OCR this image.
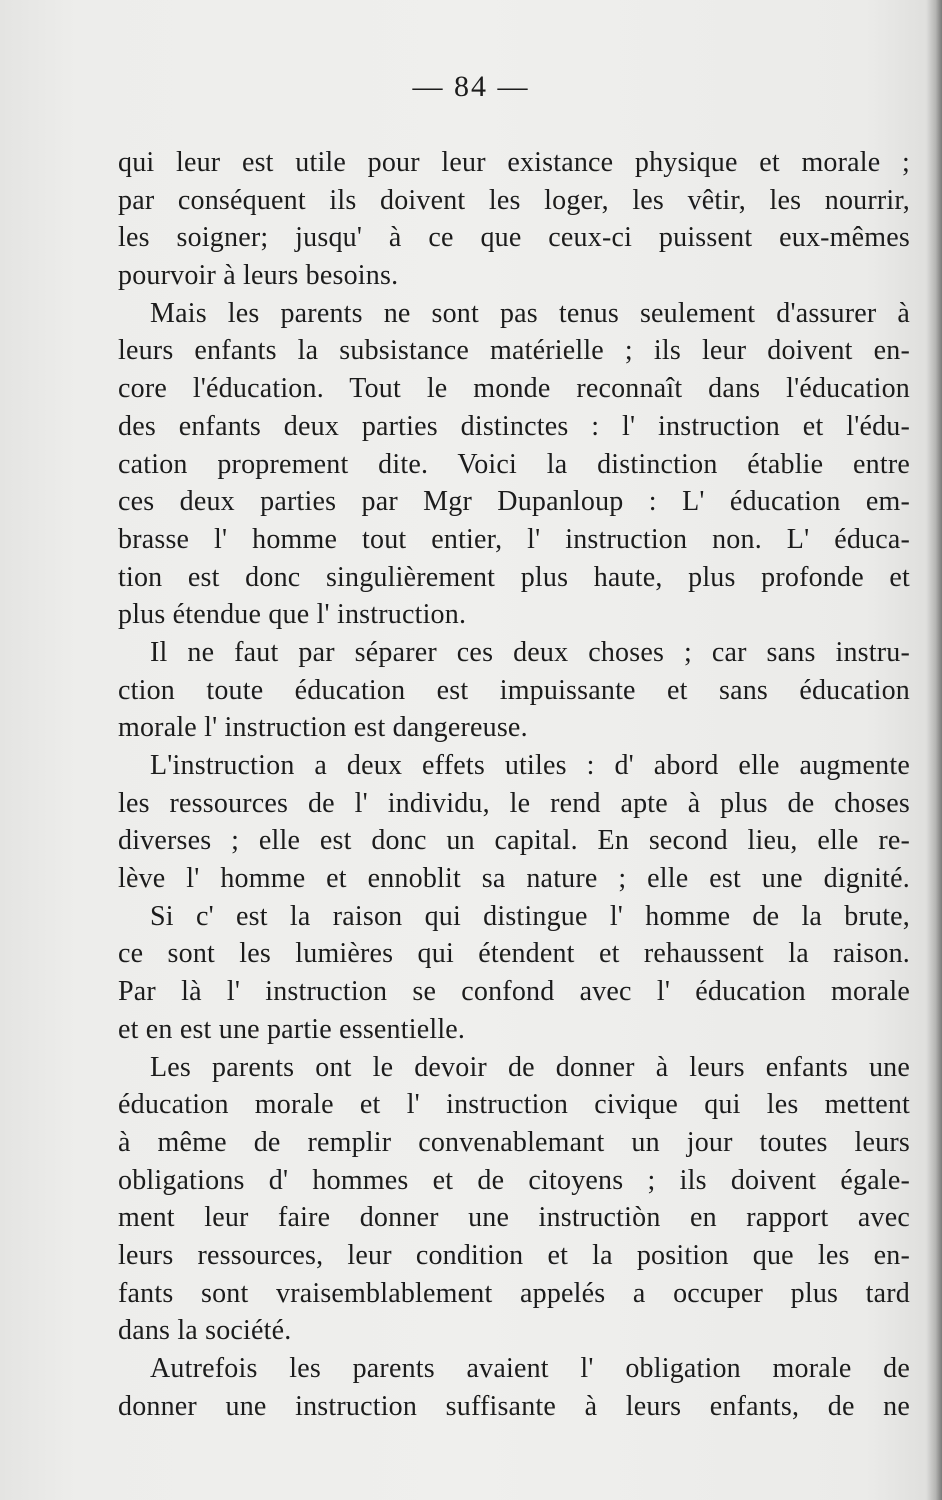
— 84 —
qui leur est utile pour leur existance physique et morale ;
par conséquent ils doivent les loger, les vêtir, les nourrir,
les soigner; jusqu' à ce que ceux-ci puissent eux-mêmes
pourvoir à leurs besoins.
Mais les parents ne sont pas tenus seulement d'assurer à
leurs enfants la subsistance matérielle ; ils leur doivent en-
core l'éducation. Tout le monde reconnaît dans l'éducation
des enfants deux parties distinctes : l' instruction et l'édu-
cation proprement dite. Voici la distinction établie entre
ces deux parties par Mgr Dupanloup : L' éducation em-
brasse l' homme tout entier, l' instruction non. L' éduca-
tion est donc singulièrement plus haute, plus profonde et
plus étendue que l' instruction.
Il ne faut par séparer ces deux choses ; car sans instru-
ction toute éducation est impuissante et sans éducation
morale l' instruction est dangereuse.
L'instruction a deux effets utiles : d' abord elle augmente
les ressources de l' individu, le rend apte à plus de choses
diverses ; elle est donc un capital. En second lieu, elle re-
lève l' homme et ennoblit sa nature ; elle est une dignité.
Si c' est la raison qui distingue l' homme de la brute,
ce sont les lumières qui étendent et rehaussent la raison.
Par là l' instruction se confond avec l' éducation morale
et en est une partie essentielle.
Les parents ont le devoir de donner à leurs enfants une
éducation morale et l' instruction civique qui les mettent
à même de remplir convenablemant un jour toutes leurs
obligations d' hommes et de citoyens ; ils doivent égale-
ment leur faire donner une instructiòn en rapport avec
leurs ressources, leur condition et la position que les en-
fants sont vraisemblablement appelés a occuper plus tard
dans la société.
Autrefois les parents avaient l' obligation morale de
donner une instruction suffisante à leurs enfants, de ne
